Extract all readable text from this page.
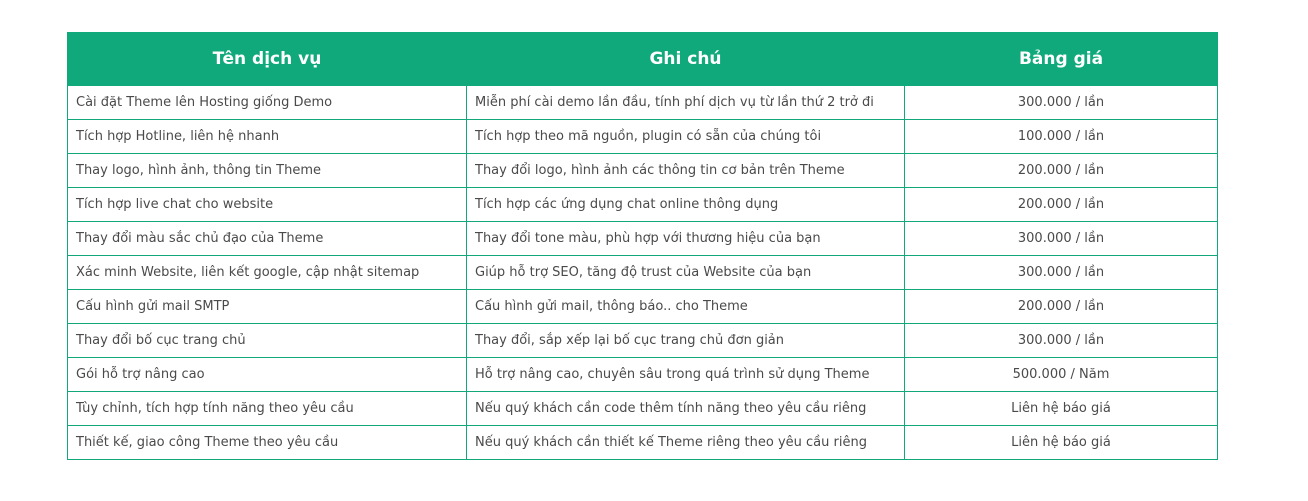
Tên dịch vụ	Ghi chú	Bảng giá
Cài đặt Theme lên Hosting giống Demo	Miễn phí cài demo lần đầu, tính phí dịch vụ từ lần thứ 2 trở đi	300.000 / lần
Tích hợp Hotline, liên hệ nhanh	Tích hợp theo mã nguồn, plugin có sẵn của chúng tôi	100.000 / lần
Thay logo, hình ảnh, thông tin Theme	Thay đổi logo, hình ảnh các thông tin cơ bản trên Theme	200.000 / lần
Tích hợp live chat cho website	Tích hợp các ứng dụng chat online thông dụng	200.000 / lần
Thay đổi màu sắc chủ đạo của Theme	Thay đổi tone màu, phù hợp với thương hiệu của bạn	300.000 / lần
Xác minh Website, liên kết google, cập nhật sitemap	Giúp hỗ trợ SEO, tăng độ trust của Website của bạn	300.000 / lần
Cấu hình gửi mail SMTP	Cấu hình gửi mail, thông báo.. cho Theme	200.000 / lần
Thay đổi bố cục trang chủ	Thay đổi, sắp xếp lại bố cục trang chủ đơn giản	300.000 / lần
Gói hỗ trợ nâng cao	Hỗ trợ nâng cao, chuyên sâu trong quá trình sử dụng Theme	500.000 / Năm
Tùy chỉnh, tích hợp tính năng theo yêu cầu	Nếu quý khách cần code thêm tính năng theo yêu cầu riêng	Liên hệ báo giá
Thiết kế, giao công Theme theo yêu cầu	Nếu quý khách cần thiết kế Theme riêng theo yêu cầu riêng	Liên hệ báo giá
